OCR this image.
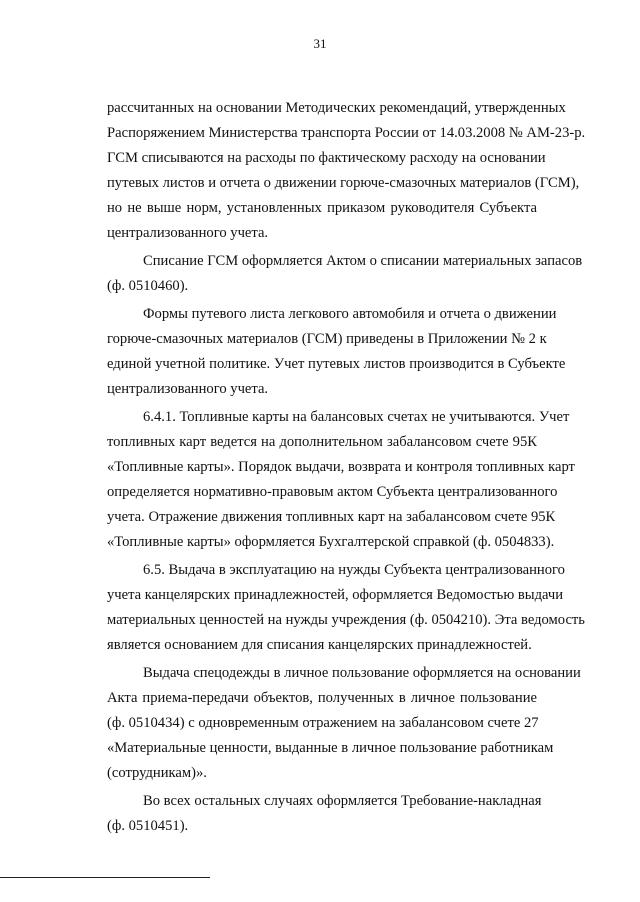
31
рассчитанных на основании Методических рекомендаций, утвержденных
Распоряжением Министерства транспорта России от 14.03.2008 № АМ-23-р.
ГСМ списываются на расходы по фактическому расходу на основании
путевых листов и отчета о движении горюче-смазочных материалов (ГСМ),
но не выше норм, установленных приказом руководителя Субъекта
централизованного учета.
Списание ГСМ оформляется Актом о списании материальных запасов
(ф. 0510460).
Формы путевого листа легкового автомобиля и отчета о движении
горюче-смазочных материалов (ГСМ) приведены в Приложении № 2 к
единой учетной политике. Учет путевых листов производится в Субъекте
централизованного учета.
6.4.1. Топливные карты на балансовых счетах не учитываются. Учет
топливных карт ведется на дополнительном забалансовом счете 95К
«Топливные карты». Порядок выдачи, возврата и контроля топливных карт
определяется нормативно-правовым актом Субъекта централизованного
учета. Отражение движения топливных карт на забалансовом счете 95К
«Топливные карты» оформляется Бухгалтерской справкой (ф. 0504833).
6.5. Выдача в эксплуатацию на нужды Субъекта централизованного
учета канцелярских принадлежностей, оформляется Ведомостью выдачи
материальных ценностей на нужды учреждения (ф. 0504210). Эта ведомость
является основанием для списания канцелярских принадлежностей.
Выдача спецодежды в личное пользование оформляется на основании
Акта приема-передачи объектов, полученных в личное пользование
(ф. 0510434) с одновременным отражением на забалансовом счете 27
«Материальные ценности, выданные в личное пользование работникам
(сотрудникам)».
Во всех остальных случаях оформляется Требование-накладная
(ф. 0510451).
